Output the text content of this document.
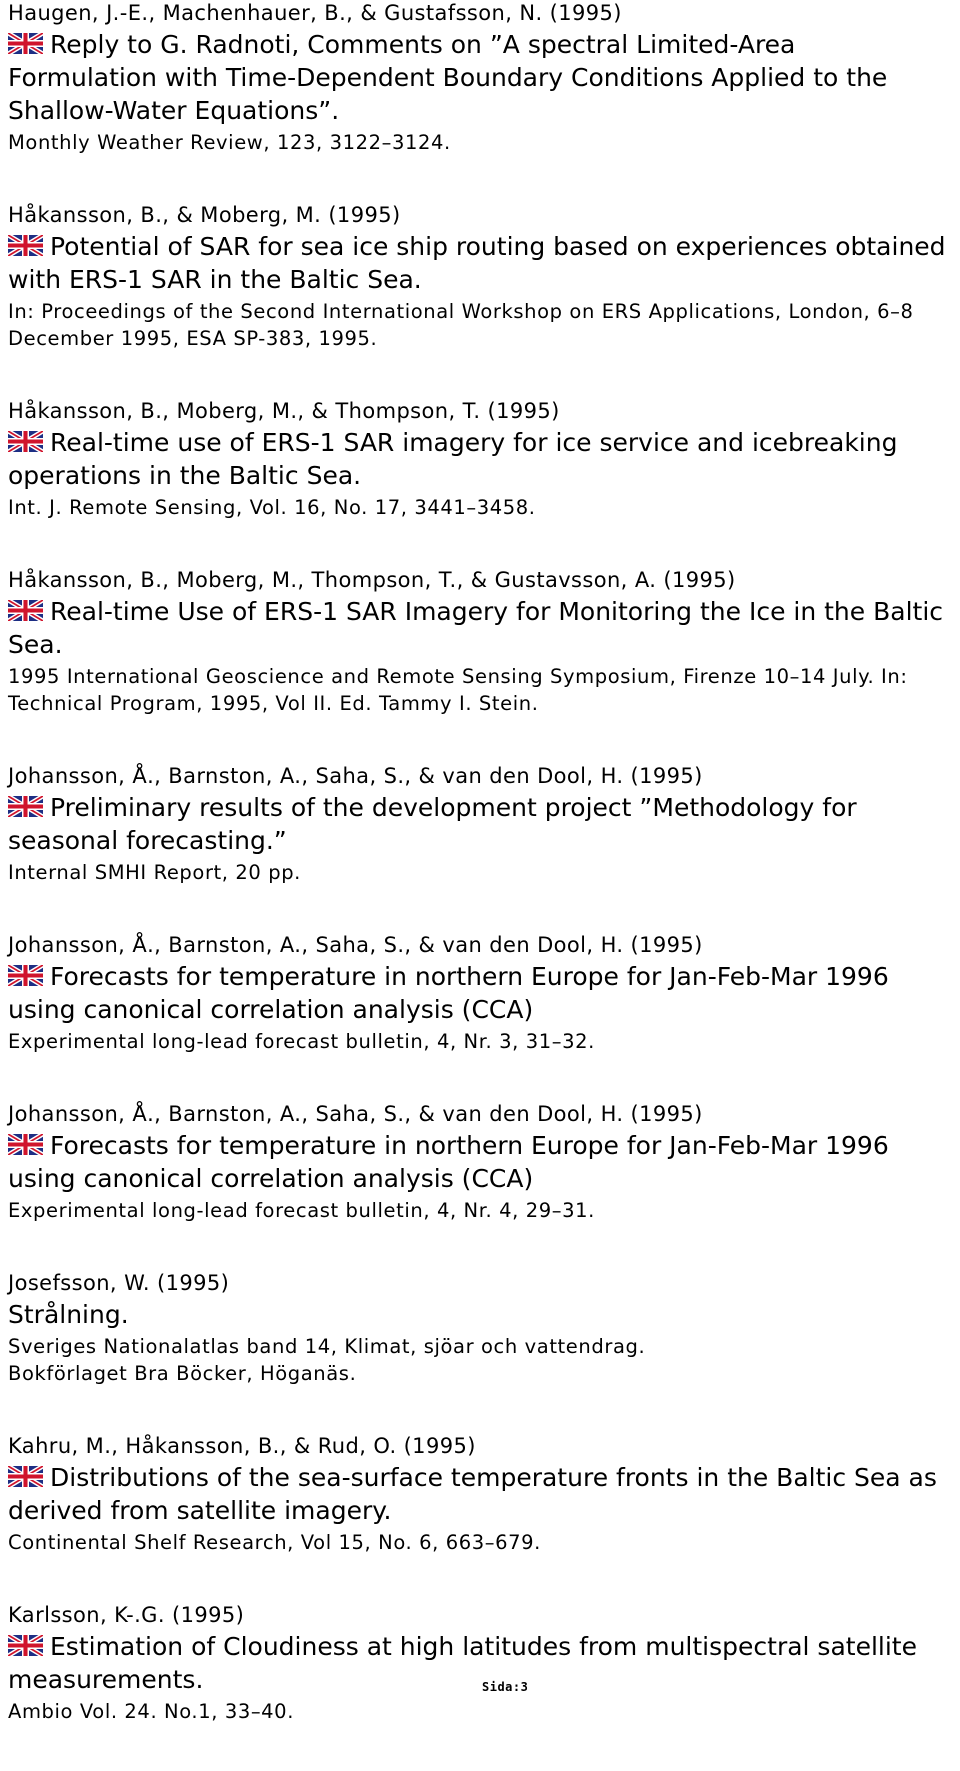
Haugen, J.-E., Machenhauer, B., & Gustafsson, N. (1995)
Reply to G. Radnoti, Comments on ”A spectral Limited-Area Formulation with Time-Dependent Boundary Conditions Applied to the Shallow-Water Equations”.
Monthly Weather Review, 123, 3122–3124.
Håkansson, B., & Moberg, M. (1995)
Potential of SAR for sea ice ship routing based on experiences obtained with ERS-1 SAR in the Baltic Sea.
In: Proceedings of the Second International Workshop on ERS Applications, London, 6–8 December 1995, ESA SP-383, 1995.
Håkansson, B., Moberg, M., & Thompson, T. (1995)
Real-time use of ERS-1 SAR imagery for ice service and icebreaking operations in the Baltic Sea.
Int. J. Remote Sensing, Vol. 16, No. 17, 3441–3458.
Håkansson, B., Moberg, M., Thompson, T., & Gustavsson, A. (1995)
Real-time Use of ERS-1 SAR Imagery for Monitoring the Ice in the Baltic Sea.
1995 International Geoscience and Remote Sensing Symposium, Firenze 10–14 July. In: Technical Program, 1995, Vol II. Ed. Tammy I. Stein.
Johansson, Å., Barnston, A., Saha, S., & van den Dool, H. (1995)
Preliminary results of the development project ”Methodology for seasonal forecasting.”
Internal SMHI Report, 20 pp.
Johansson, Å., Barnston, A., Saha, S., & van den Dool, H. (1995)
Forecasts for temperature in northern Europe for Jan-Feb-Mar 1996 using canonical correlation analysis (CCA)
Experimental long-lead forecast bulletin, 4, Nr. 3, 31–32.
Johansson, Å., Barnston, A., Saha, S., & van den Dool, H. (1995)
Forecasts for temperature in northern Europe for Jan-Feb-Mar 1996 using canonical correlation analysis (CCA)
Experimental long-lead forecast bulletin, 4, Nr. 4, 29–31.
Josefsson, W. (1995)
Strålning.
Sveriges Nationalatlas band 14, Klimat, sjöar och vattendrag.
Bokförlaget Bra Böcker, Höganäs.
Kahru, M., Håkansson, B., & Rud, O. (1995)
Distributions of the sea-surface temperature fronts in the Baltic Sea as derived from satellite imagery.
Continental Shelf Research, Vol 15, No. 6, 663–679.
Karlsson, K-.G. (1995)
Estimation of Cloudiness at high latitudes from multispectral satellite measurements.
Ambio Vol. 24. No.1, 33–40.
Sida:3
